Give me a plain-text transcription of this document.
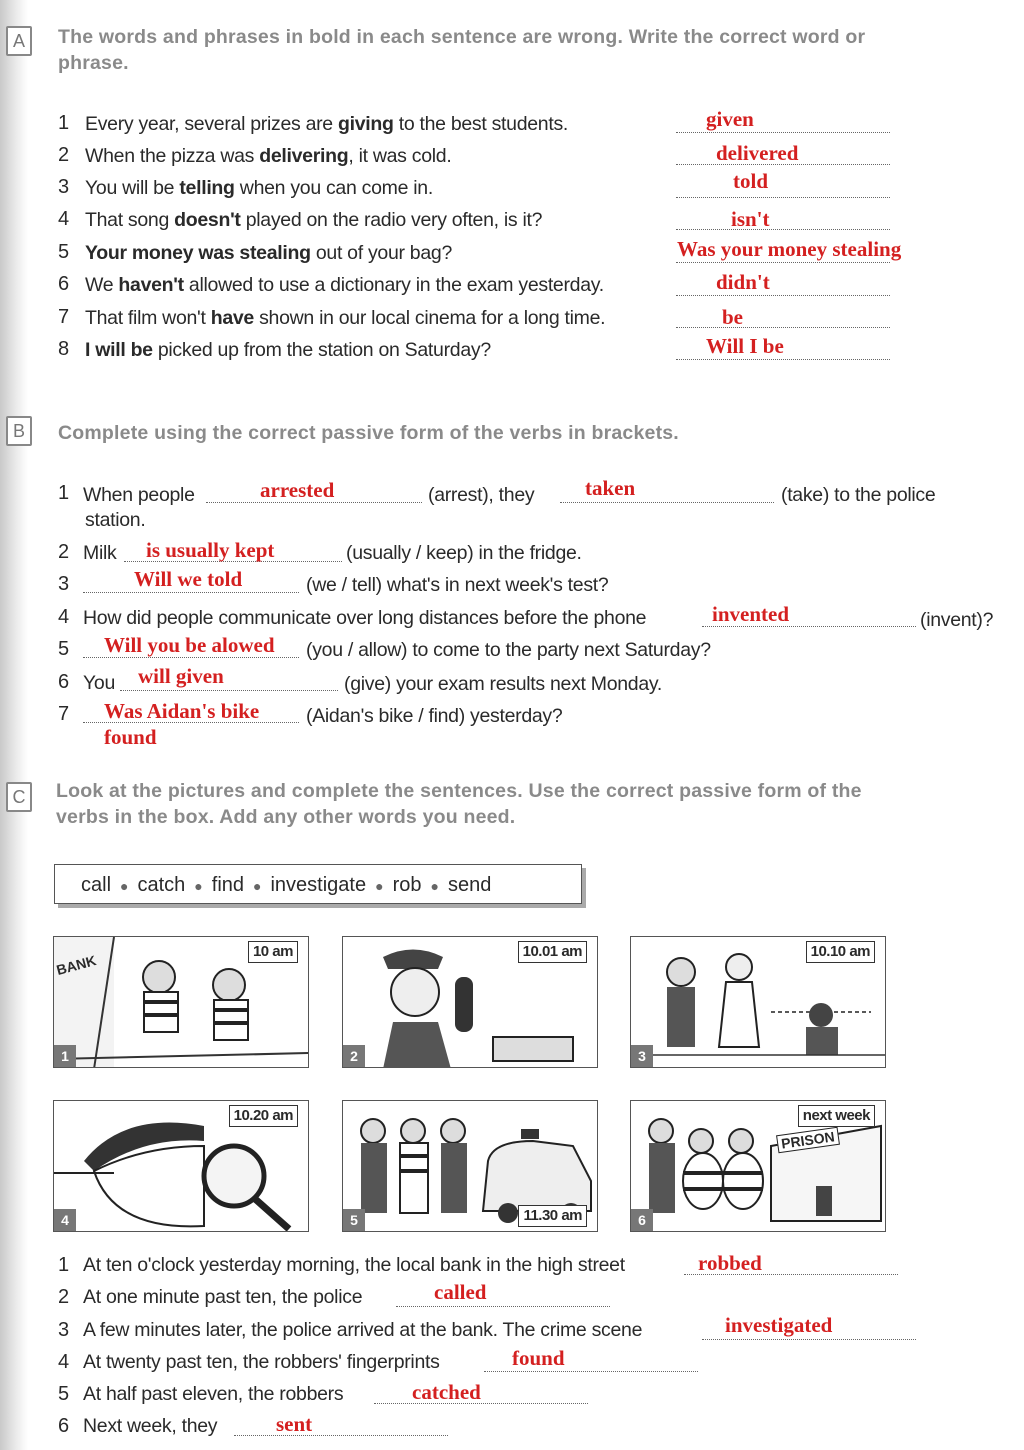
A	The words and phrases in bold in each sentence are wrong. Write the correct word or phrase.
1 Every year, several prizes are giving to the best students.	given
2 When the pizza was delivering, it was cold.	delivered
3 You will be telling when you can come in.	told
4 That song doesn't played on the radio very often, is it?	isn't
5 Your money was stealing out of your bag?	Was your money stealing
6 We haven't allowed to use a dictionary in the exam yesterday.	didn't
7 That film won't have shown in our local cinema for a long time.	be
8 I will be picked up from the station on Saturday?	Will I be
B	Complete using the correct passive form of the verbs in brackets.
1 When people	arrested	(arrest), they taken	(take) to the police
station.
2 Milk is usually kept	(usually / keep) in the fridge.
3	Will we told	(we / tell) what's in next week's test?
4 How did people communicate over long distances before the phone	invented	(invent)?
5 Will you be alowed (you / allow) to come to the party next Saturday?
6 You will given	(give) your exam results next Monday.
7 Was Aidan's bike
found
(Aidan's bike / find) yesterday?
C	Look at the pictures and complete the sentences. Use the correct passive form of the verbs in the box. Add any other words you need.
call ● catch ● find ● investigate ● rob ● send
BANK
10 am
1
10.01 am
2
10.10 am
3
10.20 am
4	11.30 am
5
PRISON
next week
6
1 At ten o'clock yesterday morning, the local bank in the high street	robbed
2 At one minute past ten, the police	called
3 A few minutes later, the police arrived at the bank. The crime scene	investigated
4 At twenty past ten, the robbers' fingerprints	found
5 At half past eleven, the robbers	catched
6 Next week, they	sent
